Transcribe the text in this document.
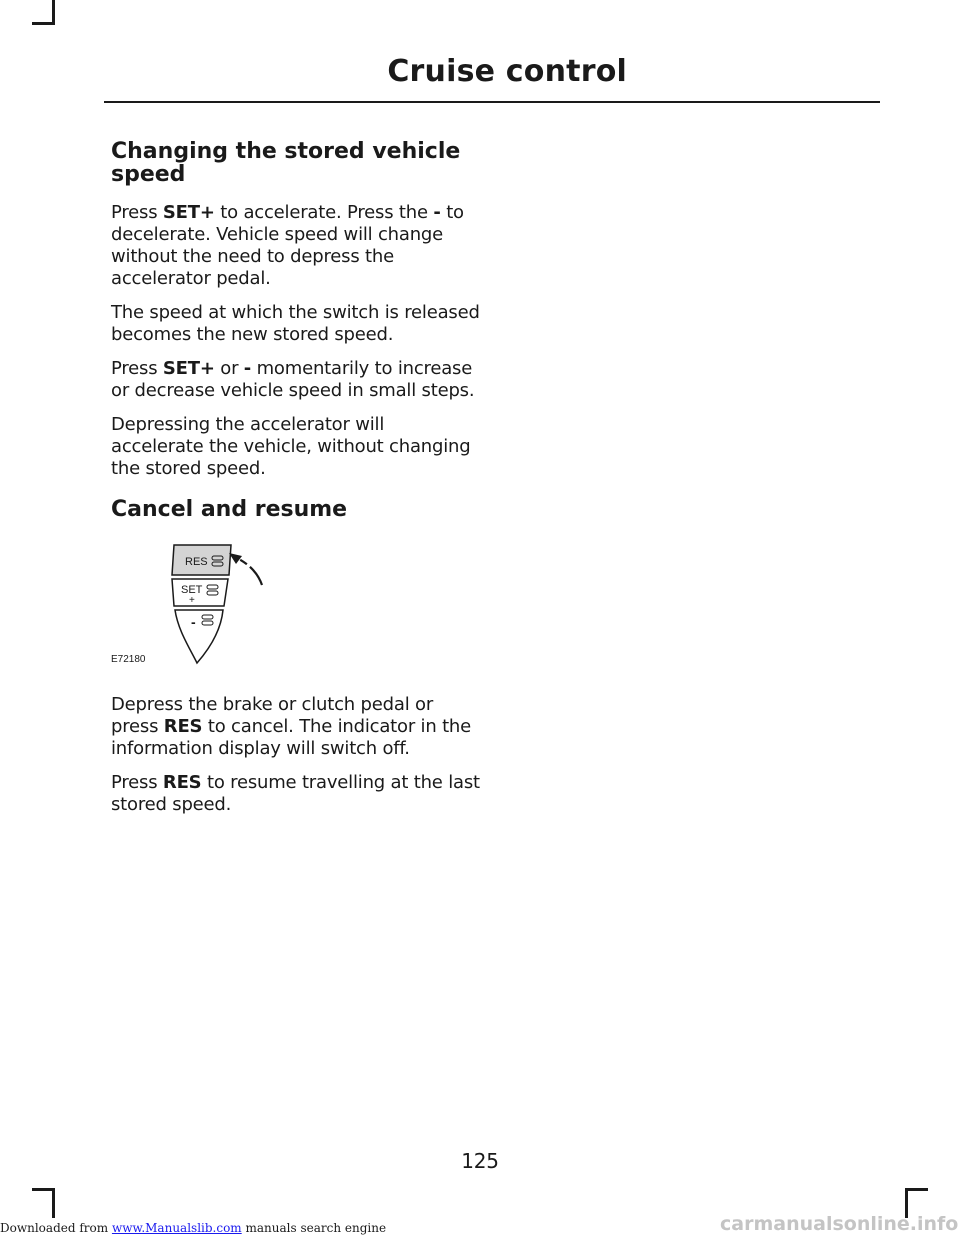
Cruise control
Changing the stored vehicle speed

Press SET+ to accelerate. Press the - to decelerate. Vehicle speed will change without the need to depress the accelerator pedal.

The speed at which the switch is released becomes the new stored speed.

Press SET+ or - momentarily to increase or decrease vehicle speed in small steps.

Depressing the accelerator will accelerate the vehicle, without changing the stored speed.

Cancel and resume
RES
SET
+
-
E72180

Depress the brake or clutch pedal or press RES to cancel. The indicator in the information display will switch off.

Press RES to resume travelling at the last stored speed.

125

Downloaded from www.Manualslib.com manuals search engine	carmanualsonline.info
